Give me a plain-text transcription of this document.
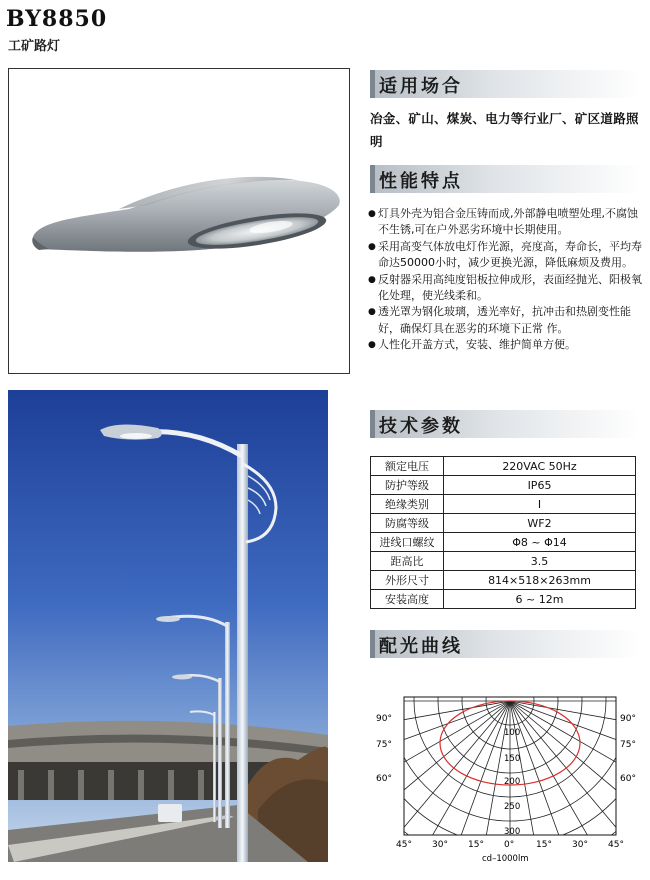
BY8850
工矿路灯
适用场合
冶金、矿山、煤炭、电力等行业厂、矿区道路照明
性能特点
● 灯具外壳为铝合金压铸而成,外部静电喷塑处理,不腐蚀不生锈,可在户外恶劣环境中长期使用。
● 采用高变气体放电灯作光源，亮度高，寿命长，平均寿命达50000小时，减少更换光源，降低麻烦及费用。
● 反射器采用高纯度铝板拉伸成形，表面经抛光、阳极氧化处理，使光线柔和。
● 透光罩为钢化玻璃，透光率好，抗冲击和热剧变性能好，确保灯具在恶劣的环境下正常 作。
● 人性化开盖方式，安装、维护简单方便。
技术参数
额定电压	220VAC 50Hz
防护等级	IP65
绝缘类别	I
防腐等级	WF2
进线口螺纹	Φ8 ~ Φ14
距高比	3.5
外形尺寸	814×518×263mm
安装高度	6 ~ 12m
配光曲线
90°
75°
60°
90°
75°
60°
100
150
200
250
300
45° 30° 15° 0° 15° 30° 45°
cd–1000lm
